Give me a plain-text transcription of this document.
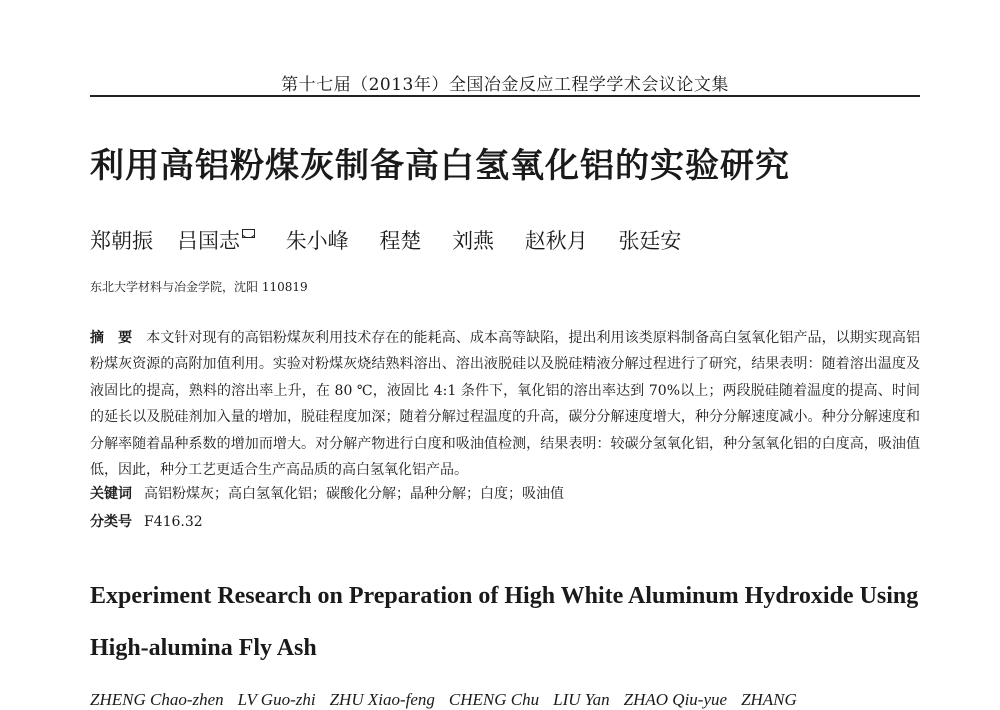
第十七届（2013年）全国冶金反应工程学学术会议论文集
利用高铝粉煤灰制备高白氢氧化铝的实验研究
郑朝振 吕国志 朱小峰 程楚 刘燕 赵秋月 张廷安
东北大学材料与冶金学院，沈阳 110819
摘　要 本文针对现有的高铝粉煤灰利用技术存在的能耗高、成本高等缺陷，提出利用该类原料制备高白氢氧化铝产品，以期实现高铝粉煤灰资源的高附加值利用。实验对粉煤灰烧结熟料溶出、溶出液脱硅以及脱硅精液分解过程进行了研究，结果表明：随着溶出温度及液固比的提高，熟料的溶出率上升，在 80 ℃，液固比 4:1 条件下，氧化铝的溶出率达到 70%以上；两段脱硅随着温度的提高、时间的延长以及脱硅剂加入量的增加，脱硅程度加深；随着分解过程温度的升高，碳分分解速度增大，种分分解速度减小。种分分解速度和分解率随着晶种系数的增加而增大。对分解产物进行白度和吸油值检测，结果表明：较碳分氢氧化铝，种分氢氧化铝的白度高，吸油值低，因此，种分工艺更适合生产高品质的高白氢氧化铝产品。
关键词 高铝粉煤灰；高白氢氧化铝；碳酸化分解；晶种分解；白度；吸油值
分类号 F416.32
Experiment Research on Preparation of High White Aluminum Hydroxide Using High-alumina Fly Ash
ZHENG Chao-zhen LV Guo-zhi ZHU Xiao-feng CHENG Chu LIU Yan ZHAO Qiu-yue ZHANG
